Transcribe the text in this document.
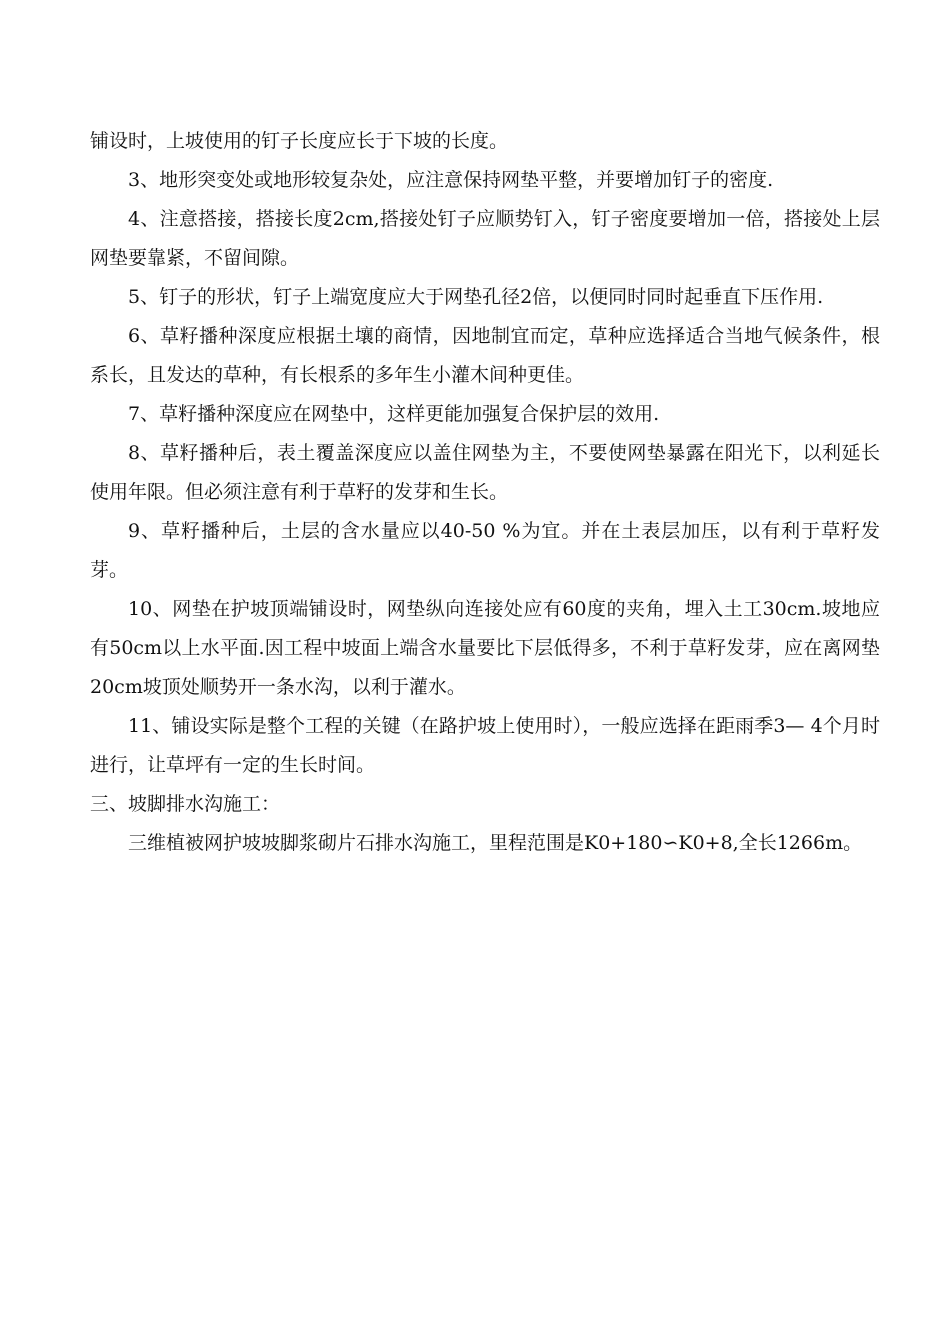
铺设时，上坡使用的钉子长度应长于下坡的长度。

3、地形突变处或地形较复杂处，应注意保持网垫平整，并要增加钉子的密度.

4、注意搭接，搭接长度2cm,搭接处钉子应顺势钉入，钉子密度要增加一倍，搭接处上层网垫要靠紧，不留间隙。

5、钉子的形状，钉子上端宽度应大于网垫孔径2倍，以便同时同时起垂直下压作用.

6、草籽播种深度应根据土壤的商情，因地制宜而定，草种应选择适合当地气候条件，根系长，且发达的草种，有长根系的多年生小灌木间种更佳。

7、草籽播种深度应在网垫中，这样更能加强复合保护层的效用.

8、草籽播种后，表土覆盖深度应以盖住网垫为主，不要使网垫暴露在阳光下，以利延长使用年限。但必须注意有利于草籽的发芽和生长。

9、草籽播种后，土层的含水量应以40-50 %为宜。并在土表层加压，以有利于草籽发芽。

10、网垫在护坡顶端铺设时，网垫纵向连接处应有60度的夹角，埋入土工30cm.坡地应有50cm以上水平面.因工程中坡面上端含水量要比下层低得多，不利于草籽发芽，应在离网垫20cm坡顶处顺势开一条水沟，以利于灌水。

11、铺设实际是整个工程的关键（在路护坡上使用时），一般应选择在距雨季3— 4个月时进行，让草坪有一定的生长时间。

三、坡脚排水沟施工：

三维植被网护坡坡脚浆砌片石排水沟施工，里程范围是K0+180∽K0+8,全长1266m。
